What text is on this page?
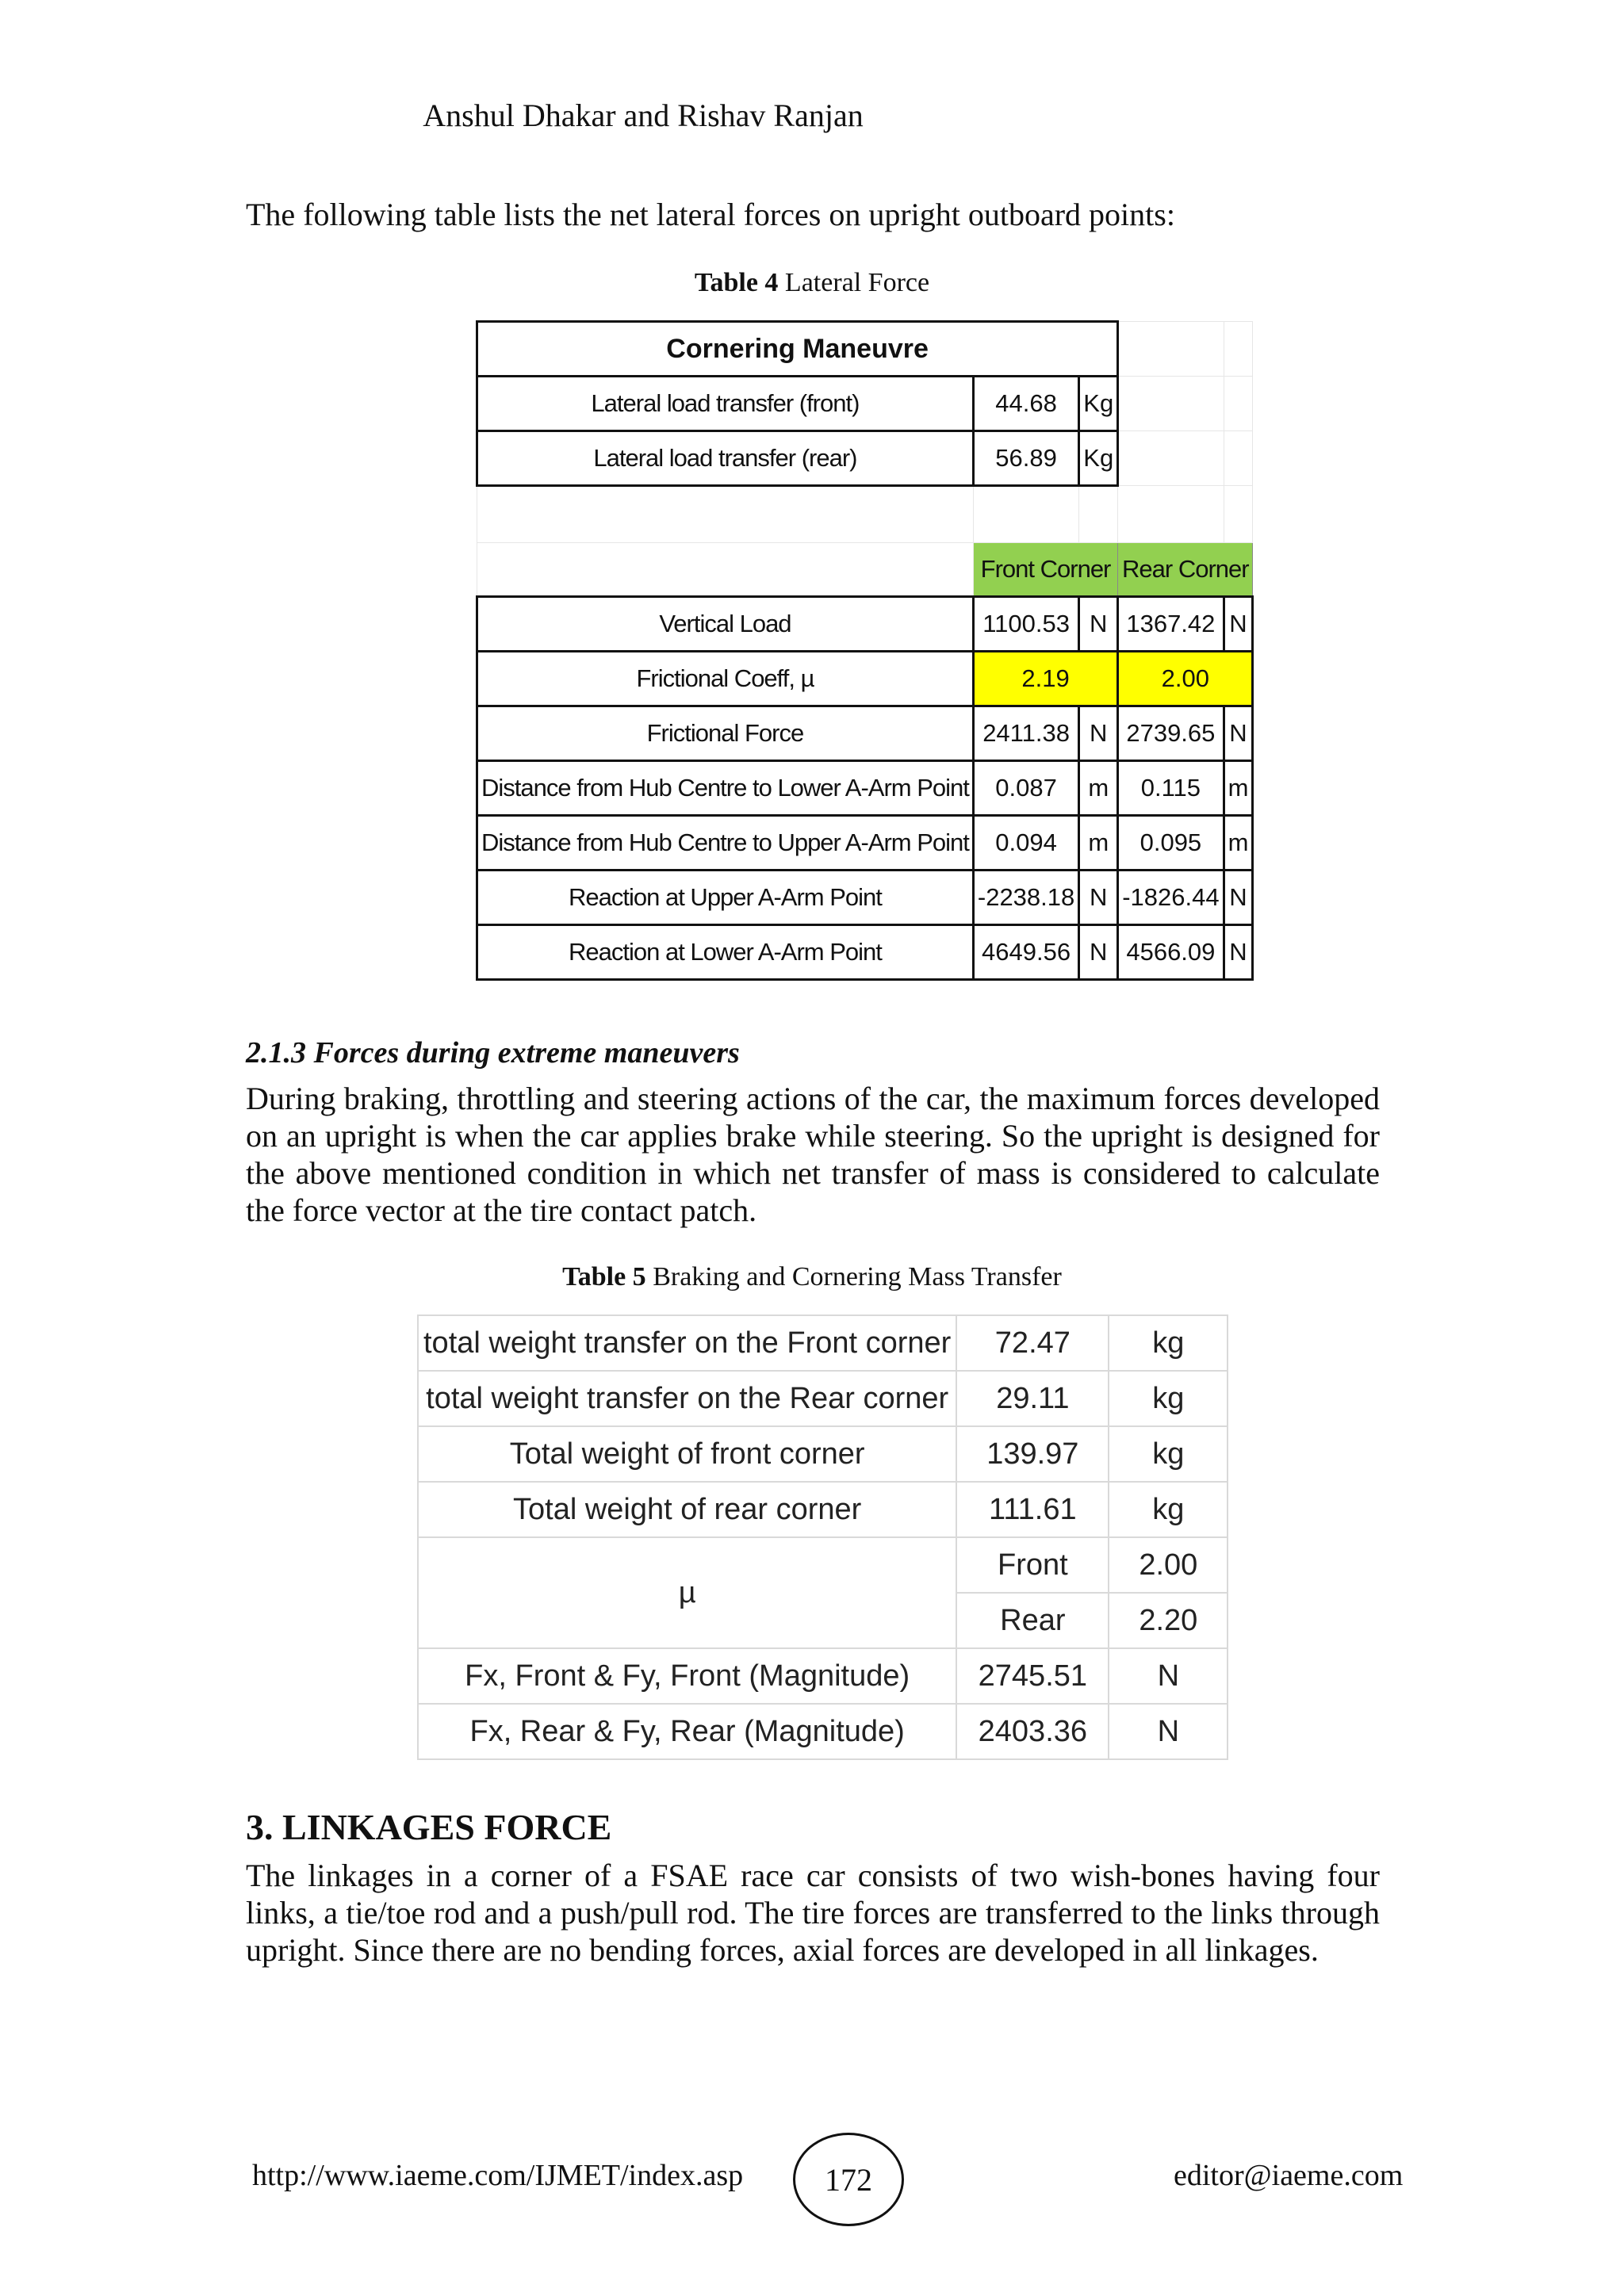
Anshul Dhakar and Rishav Ranjan
The following table lists the net lateral forces on upright outboard points:
Table 4 Lateral Force
Cornering Maneuvre				
Lateral load transfer (front)	44.68	Kg		
Lateral load transfer (rear)	56.89	Kg		

	Front Corner		Rear Corner	
Vertical Load	1100.53	N	1367.42	N
Frictional Coeff, µ	2.19		2.00	
Frictional Force	2411.38	N	2739.65	N
Distance from Hub Centre to Lower A-Arm Point	0.087	m	0.115	m
Distance from Hub Centre to Upper A-Arm Point	0.094	m	0.095	m
Reaction at Upper A-Arm Point	-2238.18	N	-1826.44	N
Reaction at Lower A-Arm Point	4649.56	N	4566.09	N
2.1.3 Forces during extreme maneuvers
During braking, throttling and steering actions of the car, the maximum forces developed on an upright is when the car applies brake while steering. So the upright is designed for the above mentioned condition in which net transfer of mass is considered to calculate the force vector at the tire contact patch.
Table 5 Braking and Cornering Mass Transfer
total weight transfer on the Front corner	72.47	kg
total weight transfer on the Rear corner	29.11	kg
Total weight of front corner	139.97	kg
Total weight of rear corner	111.61	kg
µ	Front	2.00
	Rear	2.20
Fx, Front & Fy, Front (Magnitude)	2745.51	N
Fx, Rear & Fy, Rear (Magnitude)	2403.36	N
3. LINKAGES FORCE
The linkages in a corner of a FSAE race car consists of two wish-bones having four links, a tie/toe rod and a push/pull rod. The tire forces are transferred to the links through upright. Since there are no bending forces, axial forces are developed in all linkages.
http://www.iaeme.com/IJMET/index.asp	172	editor@iaeme.com
